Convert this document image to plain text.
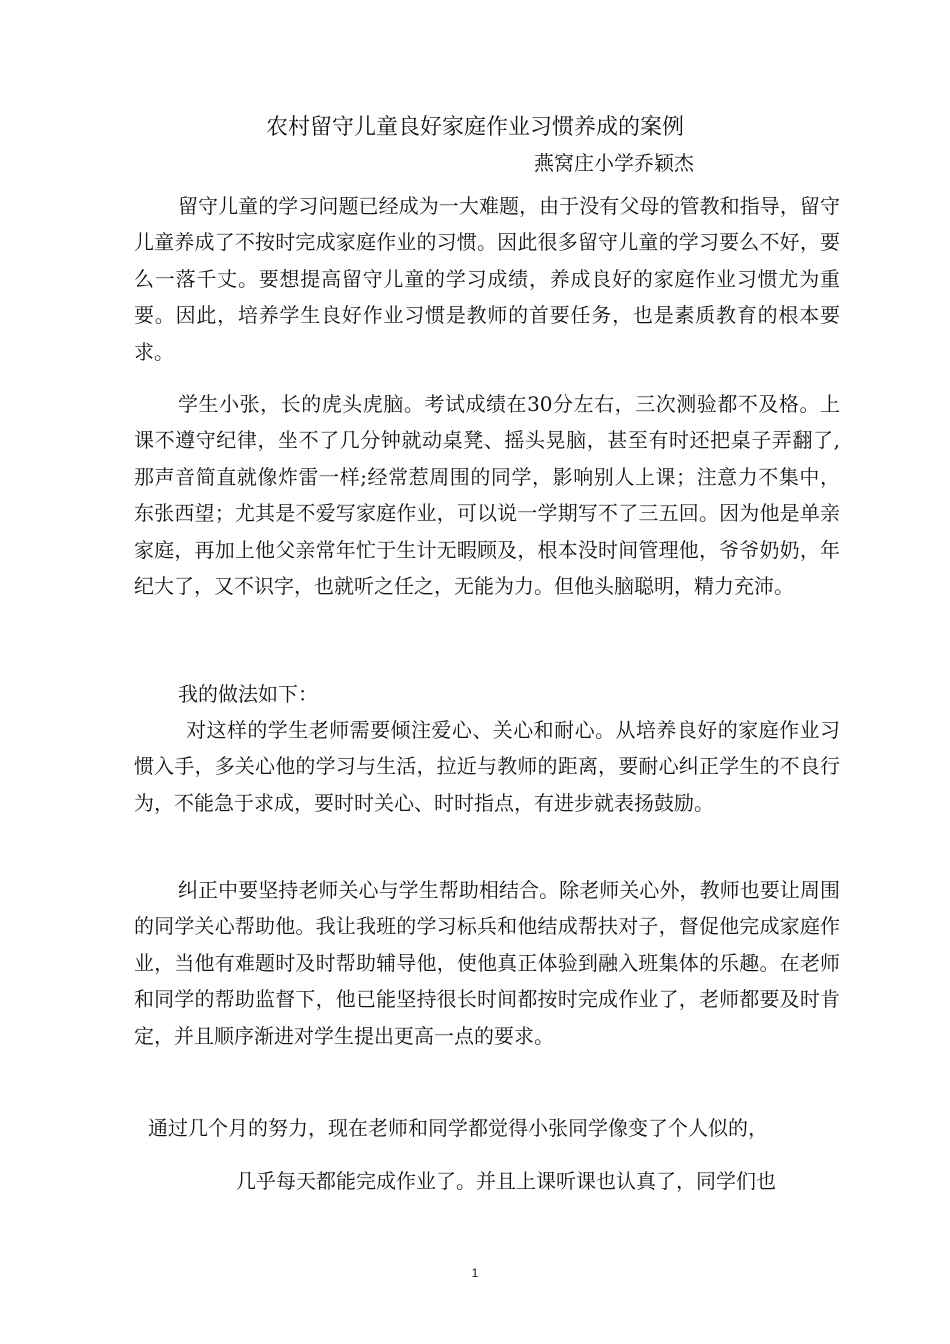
农村留守儿童良好家庭作业习惯养成的案例

燕窝庄小学乔颖杰

留守儿童的学习问题已经成为一大难题，由于没有父母的管教和指导，留守儿童养成了不按时完成家庭作业的习惯。因此很多留守儿童的学习要么不好，要么一落千丈。要想提高留守儿童的学习成绩，养成良好的家庭作业习惯尤为重要。因此，培养学生良好作业习惯是教师的首要任务，也是素质教育的根本要求。

学生小张，长的虎头虎脑。考试成绩在30分左右，三次测验都不及格。上课不遵守纪律，坐不了几分钟就动桌凳、摇头晃脑，甚至有时还把桌子弄翻了,那声音简直就像炸雷一样;经常惹周围的同学，影响别人上课；注意力不集中，东张西望；尤其是不爱写家庭作业，可以说一学期写不了三五回。因为他是单亲家庭，再加上他父亲常年忙于生计无暇顾及，根本没时间管理他，爷爷奶奶，年纪大了，又不识字，也就听之任之，无能为力。但他头脑聪明，精力充沛。

我的做法如下：

对这样的学生老师需要倾注爱心、关心和耐心。从培养良好的家庭作业习惯入手，多关心他的学习与生活，拉近与教师的距离，要耐心纠正学生的不良行为，不能急于求成，要时时关心、时时指点，有进步就表扬鼓励。

纠正中要坚持老师关心与学生帮助相结合。除老师关心外，教师也要让周围的同学关心帮助他。我让我班的学习标兵和他结成帮扶对子，督促他完成家庭作业，当他有难题时及时帮助辅导他，使他真正体验到融入班集体的乐趣。在老师和同学的帮助监督下，他已能坚持很长时间都按时完成作业了，老师都要及时肯定，并且顺序渐进对学生提出更高一点的要求。

通过几个月的努力，现在老师和同学都觉得小张同学像变了个人似的，

几乎每天都能完成作业了。并且上课听课也认真了，同学们也

1
